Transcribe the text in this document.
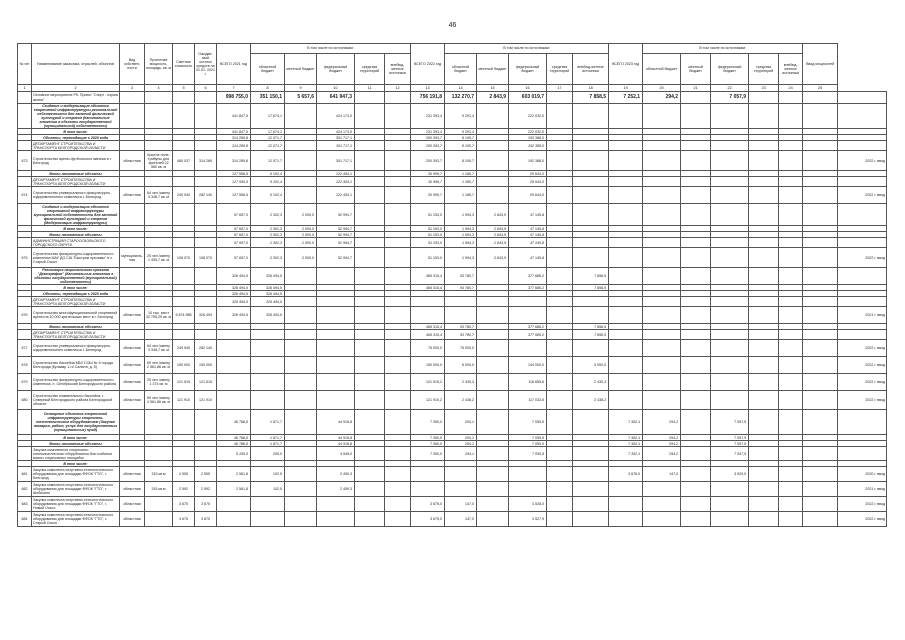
46
№ п/п	Наименование заказчика, отраслей, объектов	Вид собствен-ности	Проектная мощность, площадь, кв. м	Сметная стоимость	Ожидае-мый остаток средств на 01.01. 2021 г.	ВСЕГО 2021 год	В том числе по источникам:					ВСЕГО 2022 год	В том числе по источникам:					ВСЕГО 2023 год	В том числе по источникам:					Ввод мощностей	
							областной бюджет	местный бюджет	федеральный бюджет	средства территорий	внебюд-жетные источники		областной бюджет	местный бюджет	федеральный бюджет	средства территорий	внебюд-жетные источники		областной бюджет	местный бюджет	федеральный бюджет	средства территорий	внебюд-жетные источники		
1	2	3	4	5	6	7	8	9	10	11	12	13	14	15	16	17	18	19	20	21	22	23	24	25	
	Основное мероприятие Р5. Проект "Спорт - норма жизни"					998 755,0	351 150,1	5 657,6	641 947,3			756 191,8	132 270,7	2 843,9	603 019,7		7 858,5	7 252,1	294,2		7 057,9				
	Создание и модернизация объектов спортивной инфраструктуры региональной собственности для занятий физической культурой и спортом (Капитальные вложения в объекты государственной (муниципальной) собственности)					441 847,5	17 674,1		424 173,0			231 393,4	9 291,4		222 032,0										
	В том числе:					441 847,5	17 674,1		424 173,0			231 393,4	9 291,4		222 032,0										
	Объекты, переходящие с 2020 года					314 289,8	12 571,7		301 717,1			200 393,7	8 105,7		192 388,0										
	ДЕПАРТАМЕНТ СТРОИТЕЛЬСТВА И ТРАНСПОРТА БЕЛГОРОДСКОЙ ОБЛАСТИ					314 289,8	12 571,7		301 717,1			200 393,7	8 105,7		192 388,0										
673	Строительство арены футбольного манежа в г. Белгород	областная	Крытое поле, трибуны для зрителей 22 560 кв. м	465 037	314 289	314 289,8	12 571,7		301 717,1			200 393,7	8 105,7		192 388,0										2022 г. ввод
	Вновь начинаемые объекты					127 556,5	5 102,4		122 454,1			30 999,7	1 185,7		29 644,0										
	ДЕПАРТАМЕНТ СТРОИТЕЛЬСТВА И ТРАНСПОРТА БЕЛГОРОДСКОЙ ОБЛАСТИ					127 556,5	5 102,4		122 454,1			30 999,7	1 185,7		29 644,0										
674	Строительство универсального физкультурно-оздоровительного комплекса г. Белгород	областная	64 чел./смену 3 348,7 кв. м	249 940	282 140	127 556,5	5 102,4		122 454,1			30 999,7	1 185,7		29 644,0										2022 г. ввод
	Создание и модернизация объектов спортивной инфраструктуры муниципальной собственности для занятий физической культурой и спортом (Модернизация инфраструктуры)					57 657,0	2 302,3	2 000,0	52 994,7			51 153,0	1 994,3	2 843,9	47 145,8										
	В том числе:					57 657,0	2 302,3	2 000,0	52 994,7			51 153,0	1 994,3	2 843,9	47 145,8										
	Вновь начинаемые объекты					57 657,0	2 302,3	2 000,0	52 994,7			51 153,0	1 994,3	2 843,9	47 145,8										
	АДМИНИСТРАЦИЯ СТАРООСКОЛЬСКОГО ГОРОДСКОГО ОКРУГА					57 657,0	2 302,3	2 000,0	52 994,7			51 153,0	1 994,3	2 843,9	47 145,8										
675	Строительство физкультурно-оздоровительного комплекса МАУ ДО СШ "Быстрые приливы" в с. Старый Оскол	муниципаль-ная	25 чел./смену 1 455,7 кв. м	108 070	108 070	57 657,0	2 302,3	2 000,0	52 994,7			51 153,0	1 994,3	2 843,9	47 145,8										2022 г. ввод
	Реализация национального проекта "Демография" (Капитальные вложения в объекты государственной (муниципальной) собственности)					326 494,5	326 494,5					465 315,4	93 780,7		377 686,2		7 858,5								
	В том числе:					326 494,5	326 494,5					465 315,4	93 780,7		377 686,2		7 858,5								
	Объекты, переходящие с 2020 года					326 494,5	326 494,5																		
	ДЕПАРТАМЕНТ СТРОИТЕЛЬСТВА И ТРАНСПОРТА БЕЛГОРОДСКОЙ ОБЛАСТИ					326 494,5	326 494,5																		
676	Строительство многофункциональной спортивной арены на 10 000 зрительских мест в г. Белгород	областная	10 тыс. мест 32 755,29 кв. м	5 874 988	326 494	326 494,5	326 494,5																		2021 г. ввод
	Вновь начинаемые объекты											465 315,4	93 780,7		377 686,2		7 858,5								
	ДЕПАРТАМЕНТ СТРОИТЕЛЬСТВА И ТРАНСПОРТА БЕЛГОРОДСКОЙ ОБЛАСТИ											465 315,4	93 780,7		377 686,2		7 858,5								
677	Строительство универсального физкультурно-оздоровительного комплекса г. Белгород	областная	64 чел./смену 3 348,7 кв. м	249 940	282 140							75 000,0	75 000,0												2022 г. ввод
678	Строительство бассейна МБУ СОШ № 5 города Белгорода (бульвар 1-го Салюта, д. 5)	областная	69 чел./смену 2 561,86 кв. м	150 000	150 000							150 000,0	6 000,0		144 000,0		0 000,0								2022 г. ввод
679	Строительство физкультурно-оздоровительного комплекса, п. Октябрьский Белгородского района	областная	25 чел./смену 1 374 кв. м	121 515	121 515							121 515,2	2 430,3		116 655,6		2 430,3								2022 г. ввод
680	Строительство плавательного бассейна, г. Северный Белгородского района Белгородской области	областная	69 чел./смену 2 561,86 кв. м	121 910	121 910							121 910,2	2 438,2		117 033,6		2 438,2								2022 г. ввод
	Оснащение объектов спортивной инфраструктуры спортивно-технологическим оборудованием (Закупка товаров, работ, услуг для государственных (муниципальных) нужд)					46 786,5	1 871,7		44 916,8			7 350,0	294,1		7 055,9			7 352,1	294,2		7 057,9				
	В том числе:					46 786,5	1 871,7		44 916,8			7 350,0	294,1		7 055,9			7 352,1	294,2		7 057,9				
	Вновь начинаемые объекты					46 786,5	1 871,7		44 916,8			7 350,0	294,1		7 055,9			7 352,1	294,2		7 057,9				
	Закупка комплектов спортивно-технологического оборудования для создания малых спортивных площадок					5 155,0	206,0		4 949,0			7 350,0	294,1		7 055,9			7 352,1	294,2		7 057,9				
	В том числе:																								
681	Закупка комплекта спортивно-технологического оборудования для площадки ФФОК "ГТО", г. Белгород	областная	315 кв.м	2 555	2 555	2 561,8	102,5		2 459,3									3 676,0	147,0		3 529,0				2020 г. ввод
682	Закупка комплекта спортивно-технологического оборудования для площадки ФФОК "ГТО", г. Шебекино	областная	315 кв.м	2 592	2 592	2 561,8	102,5		2 459,3																2021 г. ввод
683	Закупка комплекта спортивно-технологического оборудования для площадки ФФОК "ГТО", г. Новый Оскол	областная		3 675	3 675							3 675,0	147,0		3 528,0										2022 г. ввод
684	Закупка комплекта спортивно-технологического оборудования для площадки ФФОК "ГТО", г. Старый Оскол	областная		3 675	3 675							3 675,0	147,0		3 527,9										2022 г. ввод
